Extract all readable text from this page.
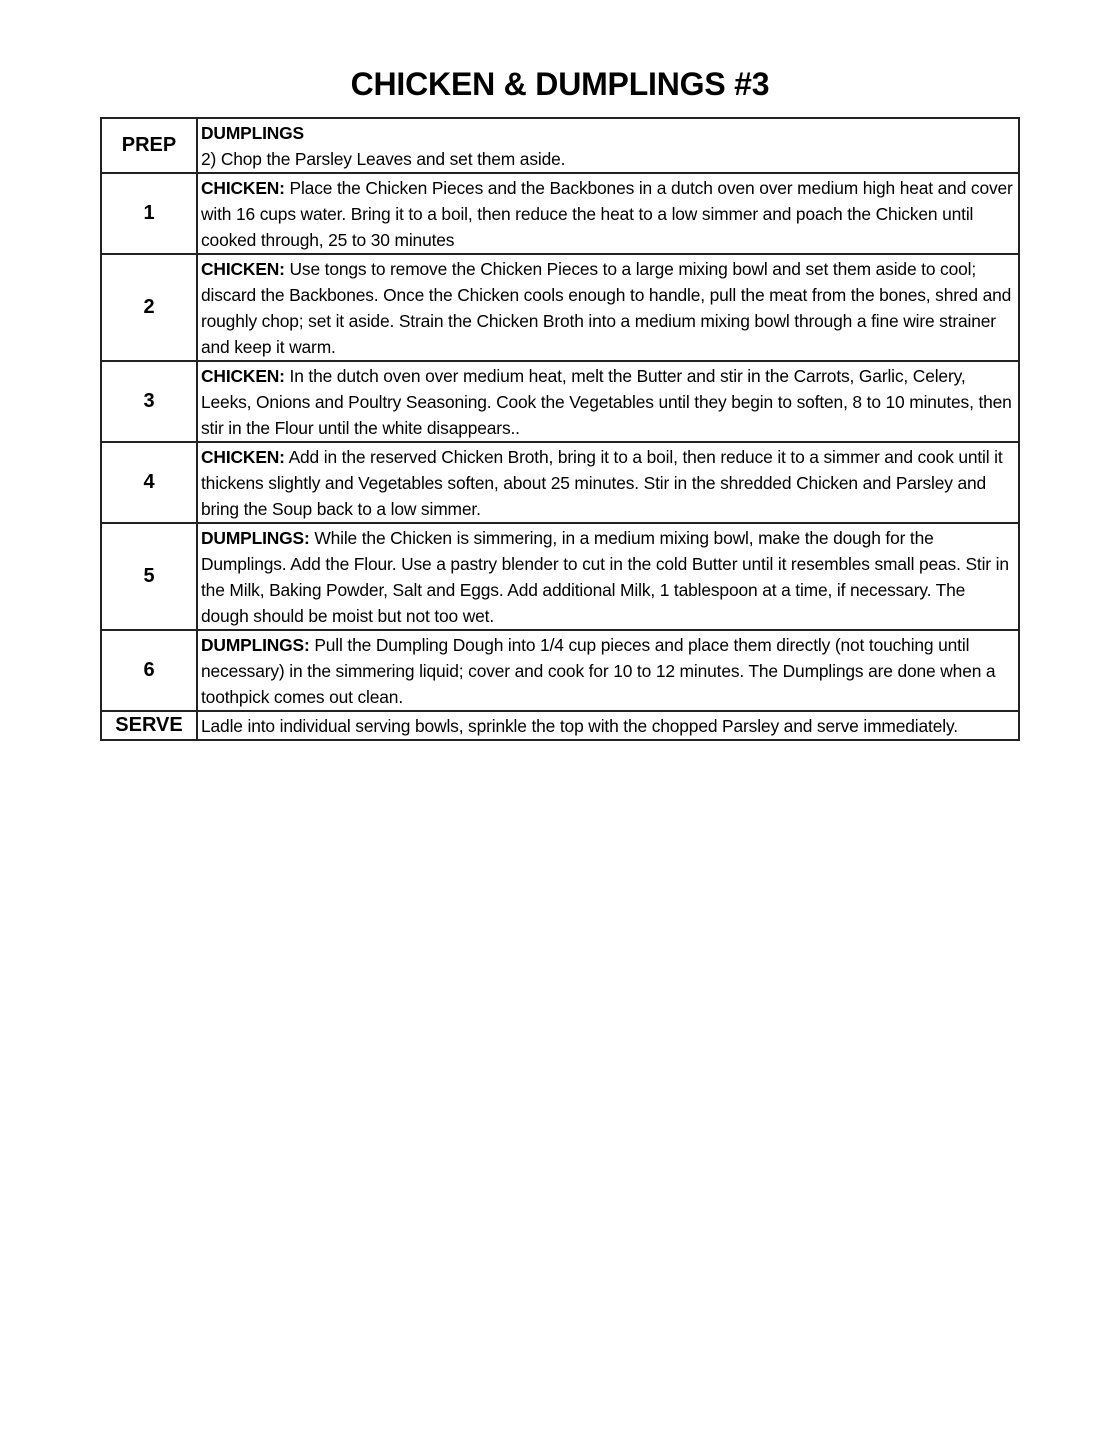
CHICKEN & DUMPLINGS #3
PREP	DUMPLINGS
2) Chop the Parsley Leaves and set them aside.
1	CHICKEN: Place the Chicken Pieces and the Backbones in a dutch oven over medium high heat and cover with 16 cups water. Bring it to a boil, then reduce the heat to a low simmer and poach the Chicken until cooked through, 25 to 30 minutes
2	CHICKEN: Use tongs to remove the Chicken Pieces to a large mixing bowl and set them aside to cool; discard the Backbones. Once the Chicken cools enough to handle, pull the meat from the bones, shred and roughly chop; set it aside. Strain the Chicken Broth into a medium mixing bowl through a fine wire strainer and keep it warm.
3	CHICKEN: In the dutch oven over medium heat, melt the Butter and stir in the Carrots, Garlic, Celery, Leeks, Onions and Poultry Seasoning. Cook the Vegetables until they begin to soften, 8 to 10 minutes, then stir in the Flour until the white disappears..
4	CHICKEN: Add in the reserved Chicken Broth, bring it to a boil, then reduce it to a simmer and cook until it thickens slightly and Vegetables soften, about 25 minutes. Stir in the shredded Chicken and Parsley and bring the Soup back to a low simmer.
5	DUMPLINGS: While the Chicken is simmering, in a medium mixing bowl, make the dough for the Dumplings. Add the Flour. Use a pastry blender to cut in the cold Butter until it resembles small peas. Stir in the Milk, Baking Powder, Salt and Eggs. Add additional Milk, 1 tablespoon at a time, if necessary. The dough should be moist but not too wet.
6	DUMPLINGS: Pull the Dumpling Dough into 1/4 cup pieces and place them directly (not touching until necessary) in the simmering liquid; cover and cook for 10 to 12 minutes. The Dumplings are done when a toothpick comes out clean.
SERVE	Ladle into individual serving bowls, sprinkle the top with the chopped Parsley and serve immediately.
